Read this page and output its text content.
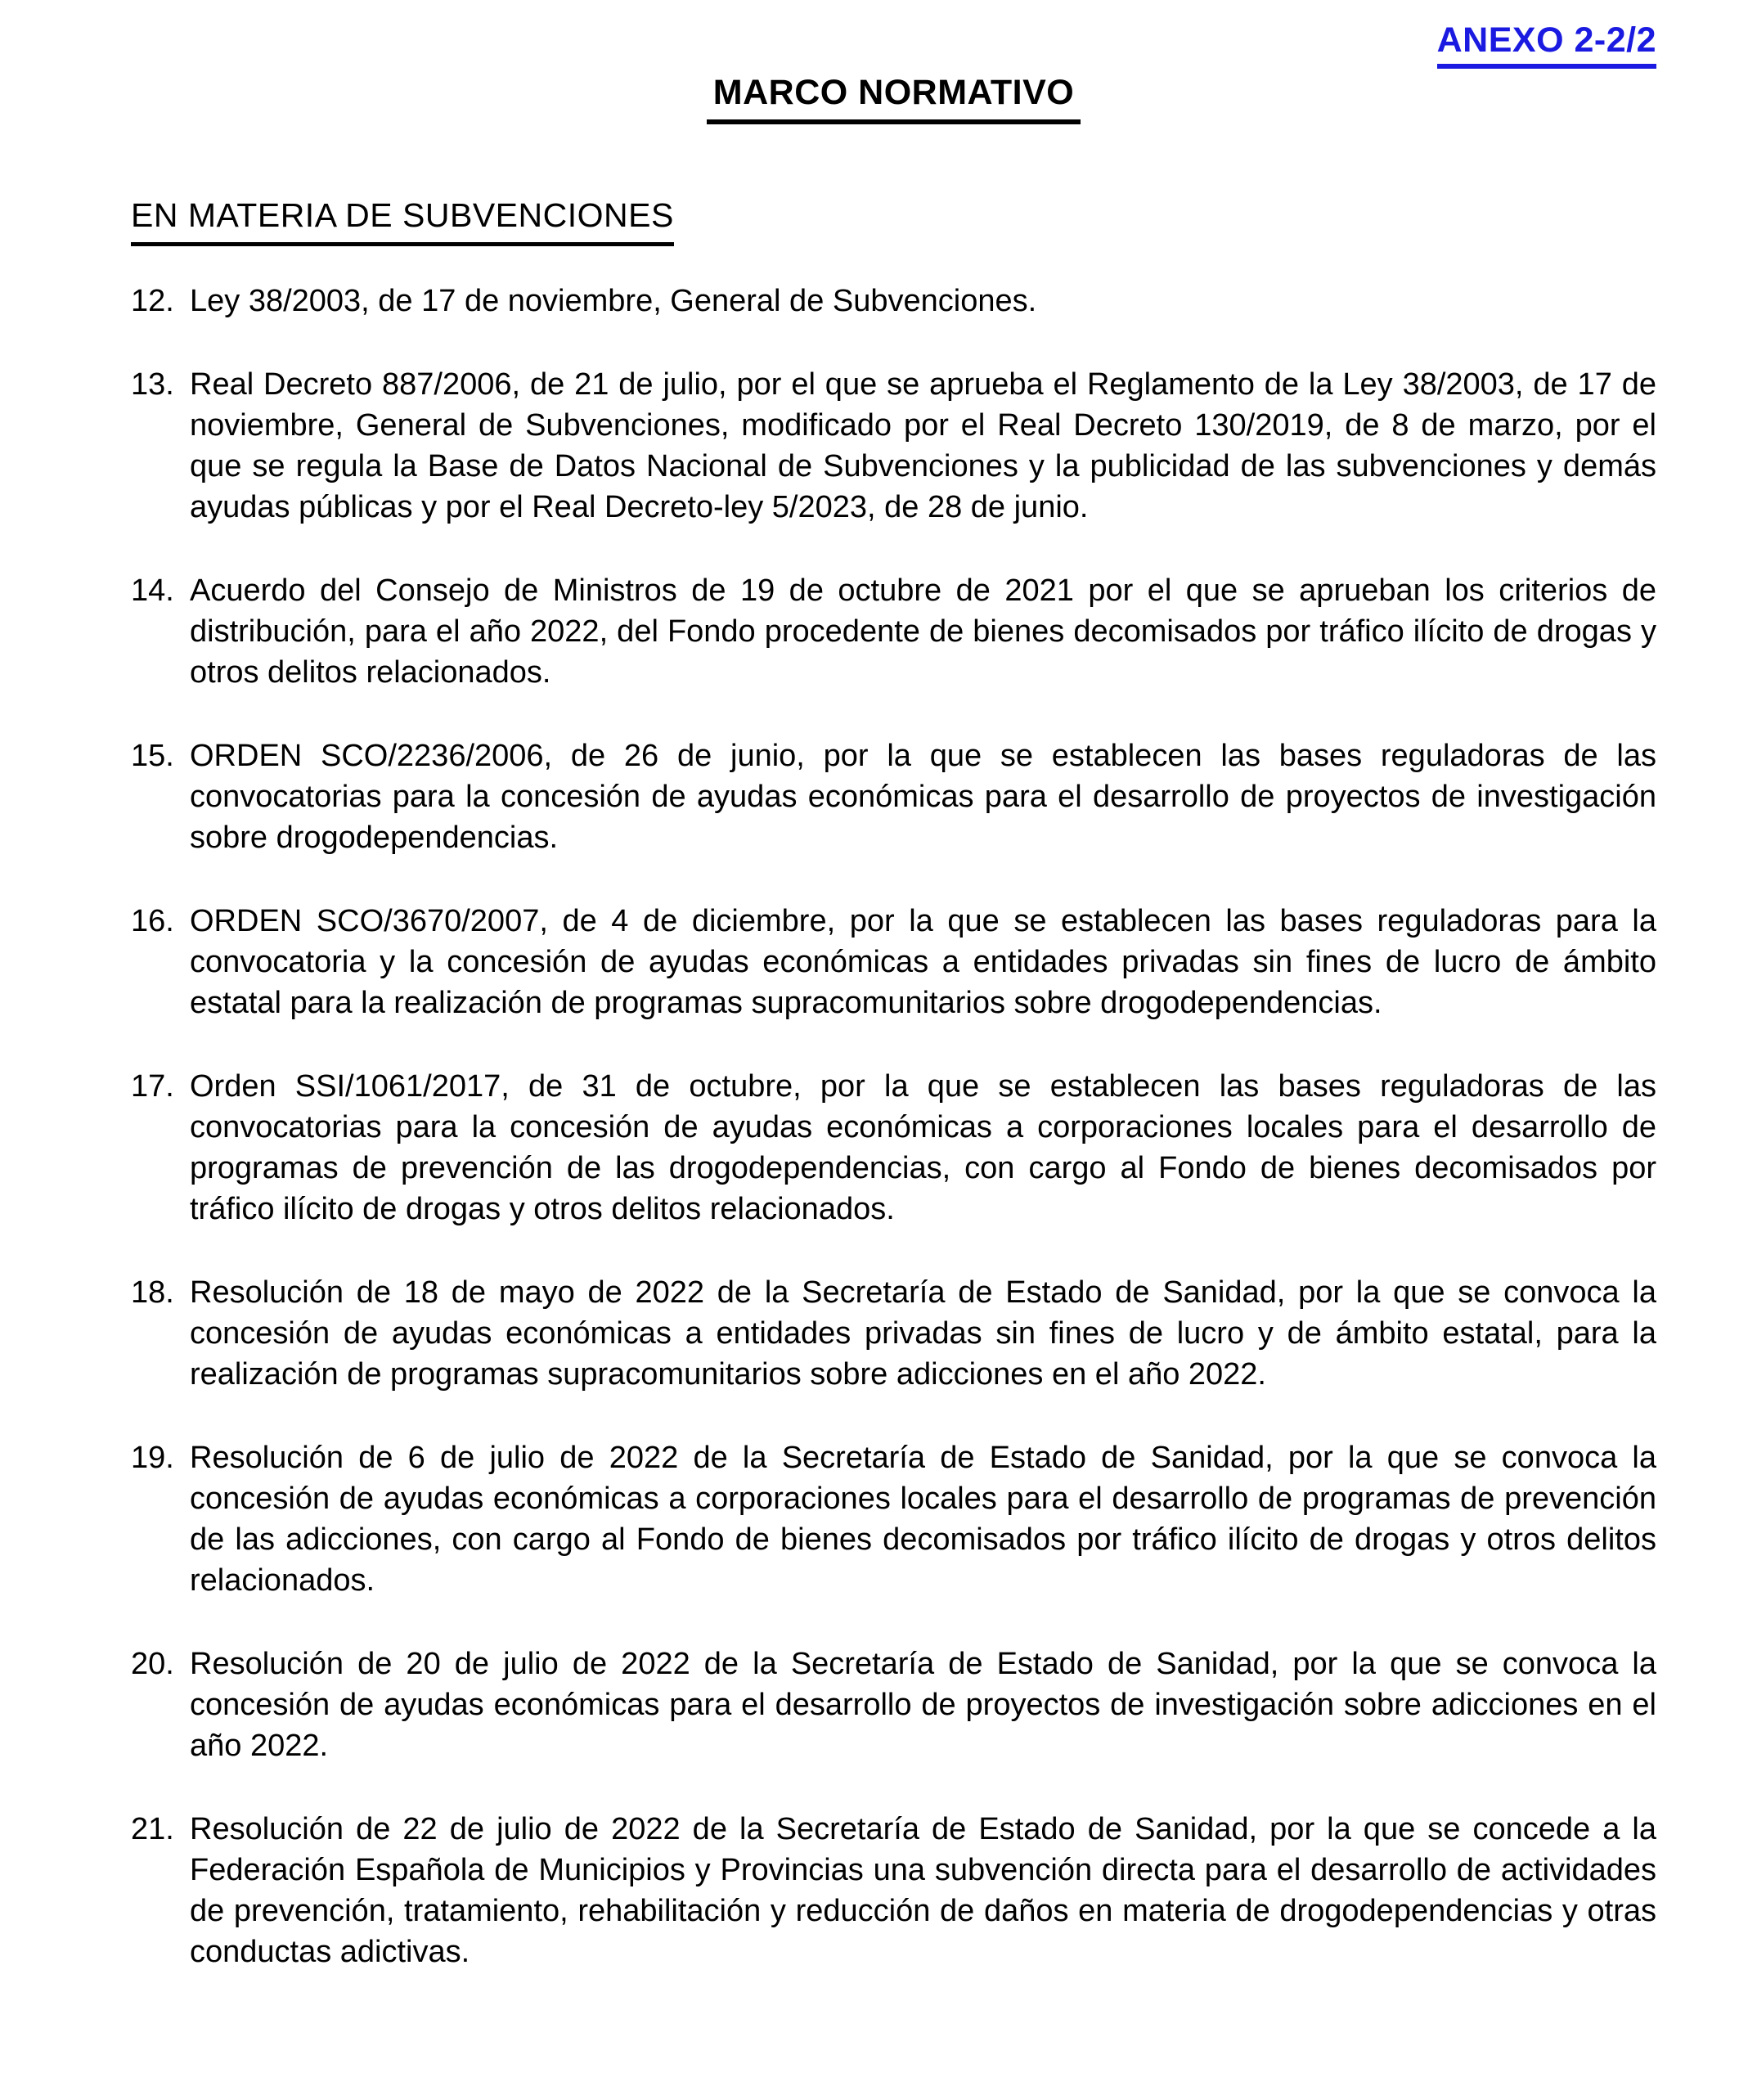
ANEXO 2-2/2
MARCO NORMATIVO
EN MATERIA DE SUBVENCIONES
12. Ley 38/2003, de 17 de noviembre, General de Subvenciones.
13. Real Decreto 887/2006, de 21 de julio, por el que se aprueba el Reglamento de la Ley 38/2003, de 17 de noviembre, General de Subvenciones, modificado por el Real Decreto 130/2019, de 8 de marzo, por el que se regula la Base de Datos Nacional de Subvenciones y la publicidad de las subvenciones y demás ayudas públicas y por el Real Decreto-ley 5/2023, de 28 de junio.
14. Acuerdo del Consejo de Ministros de 19 de octubre de 2021 por el que se aprueban los criterios de distribución, para el año 2022, del Fondo procedente de bienes decomisados por tráfico ilícito de drogas y otros delitos relacionados.
15. ORDEN SCO/2236/2006, de 26 de junio, por la que se establecen las bases reguladoras de las convocatorias para la concesión de ayudas económicas para el desarrollo de proyectos de investigación sobre drogodependencias.
16. ORDEN SCO/3670/2007, de 4 de diciembre, por la que se establecen las bases reguladoras para la convocatoria y la concesión de ayudas económicas a entidades privadas sin fines de lucro de ámbito estatal para la realización de programas supracomunitarios sobre drogodependencias.
17. Orden SSI/1061/2017, de 31 de octubre, por la que se establecen las bases reguladoras de las convocatorias para la concesión de ayudas económicas a corporaciones locales para el desarrollo de programas de prevención de las drogodependencias, con cargo al Fondo de bienes decomisados por tráfico ilícito de drogas y otros delitos relacionados.
18. Resolución de 18 de mayo de 2022 de la Secretaría de Estado de Sanidad, por la que se convoca la concesión de ayudas económicas a entidades privadas sin fines de lucro y de ámbito estatal, para la realización de programas supracomunitarios sobre adicciones en el año 2022.
19. Resolución de 6 de julio de 2022 de la Secretaría de Estado de Sanidad, por la que se convoca la concesión de ayudas económicas a corporaciones locales para el desarrollo de programas de prevención de las adicciones, con cargo al Fondo de bienes decomisados por tráfico ilícito de drogas y otros delitos relacionados.
20. Resolución de 20 de julio de 2022 de la Secretaría de Estado de Sanidad, por la que se convoca la concesión de ayudas económicas para el desarrollo de proyectos de investigación sobre adicciones en el año 2022.
21. Resolución de 22 de julio de 2022 de la Secretaría de Estado de Sanidad, por la que se concede a la Federación Española de Municipios y Provincias una subvención directa para el desarrollo de actividades de prevención, tratamiento, rehabilitación y reducción de daños en materia de drogodependencias y otras conductas adictivas.
